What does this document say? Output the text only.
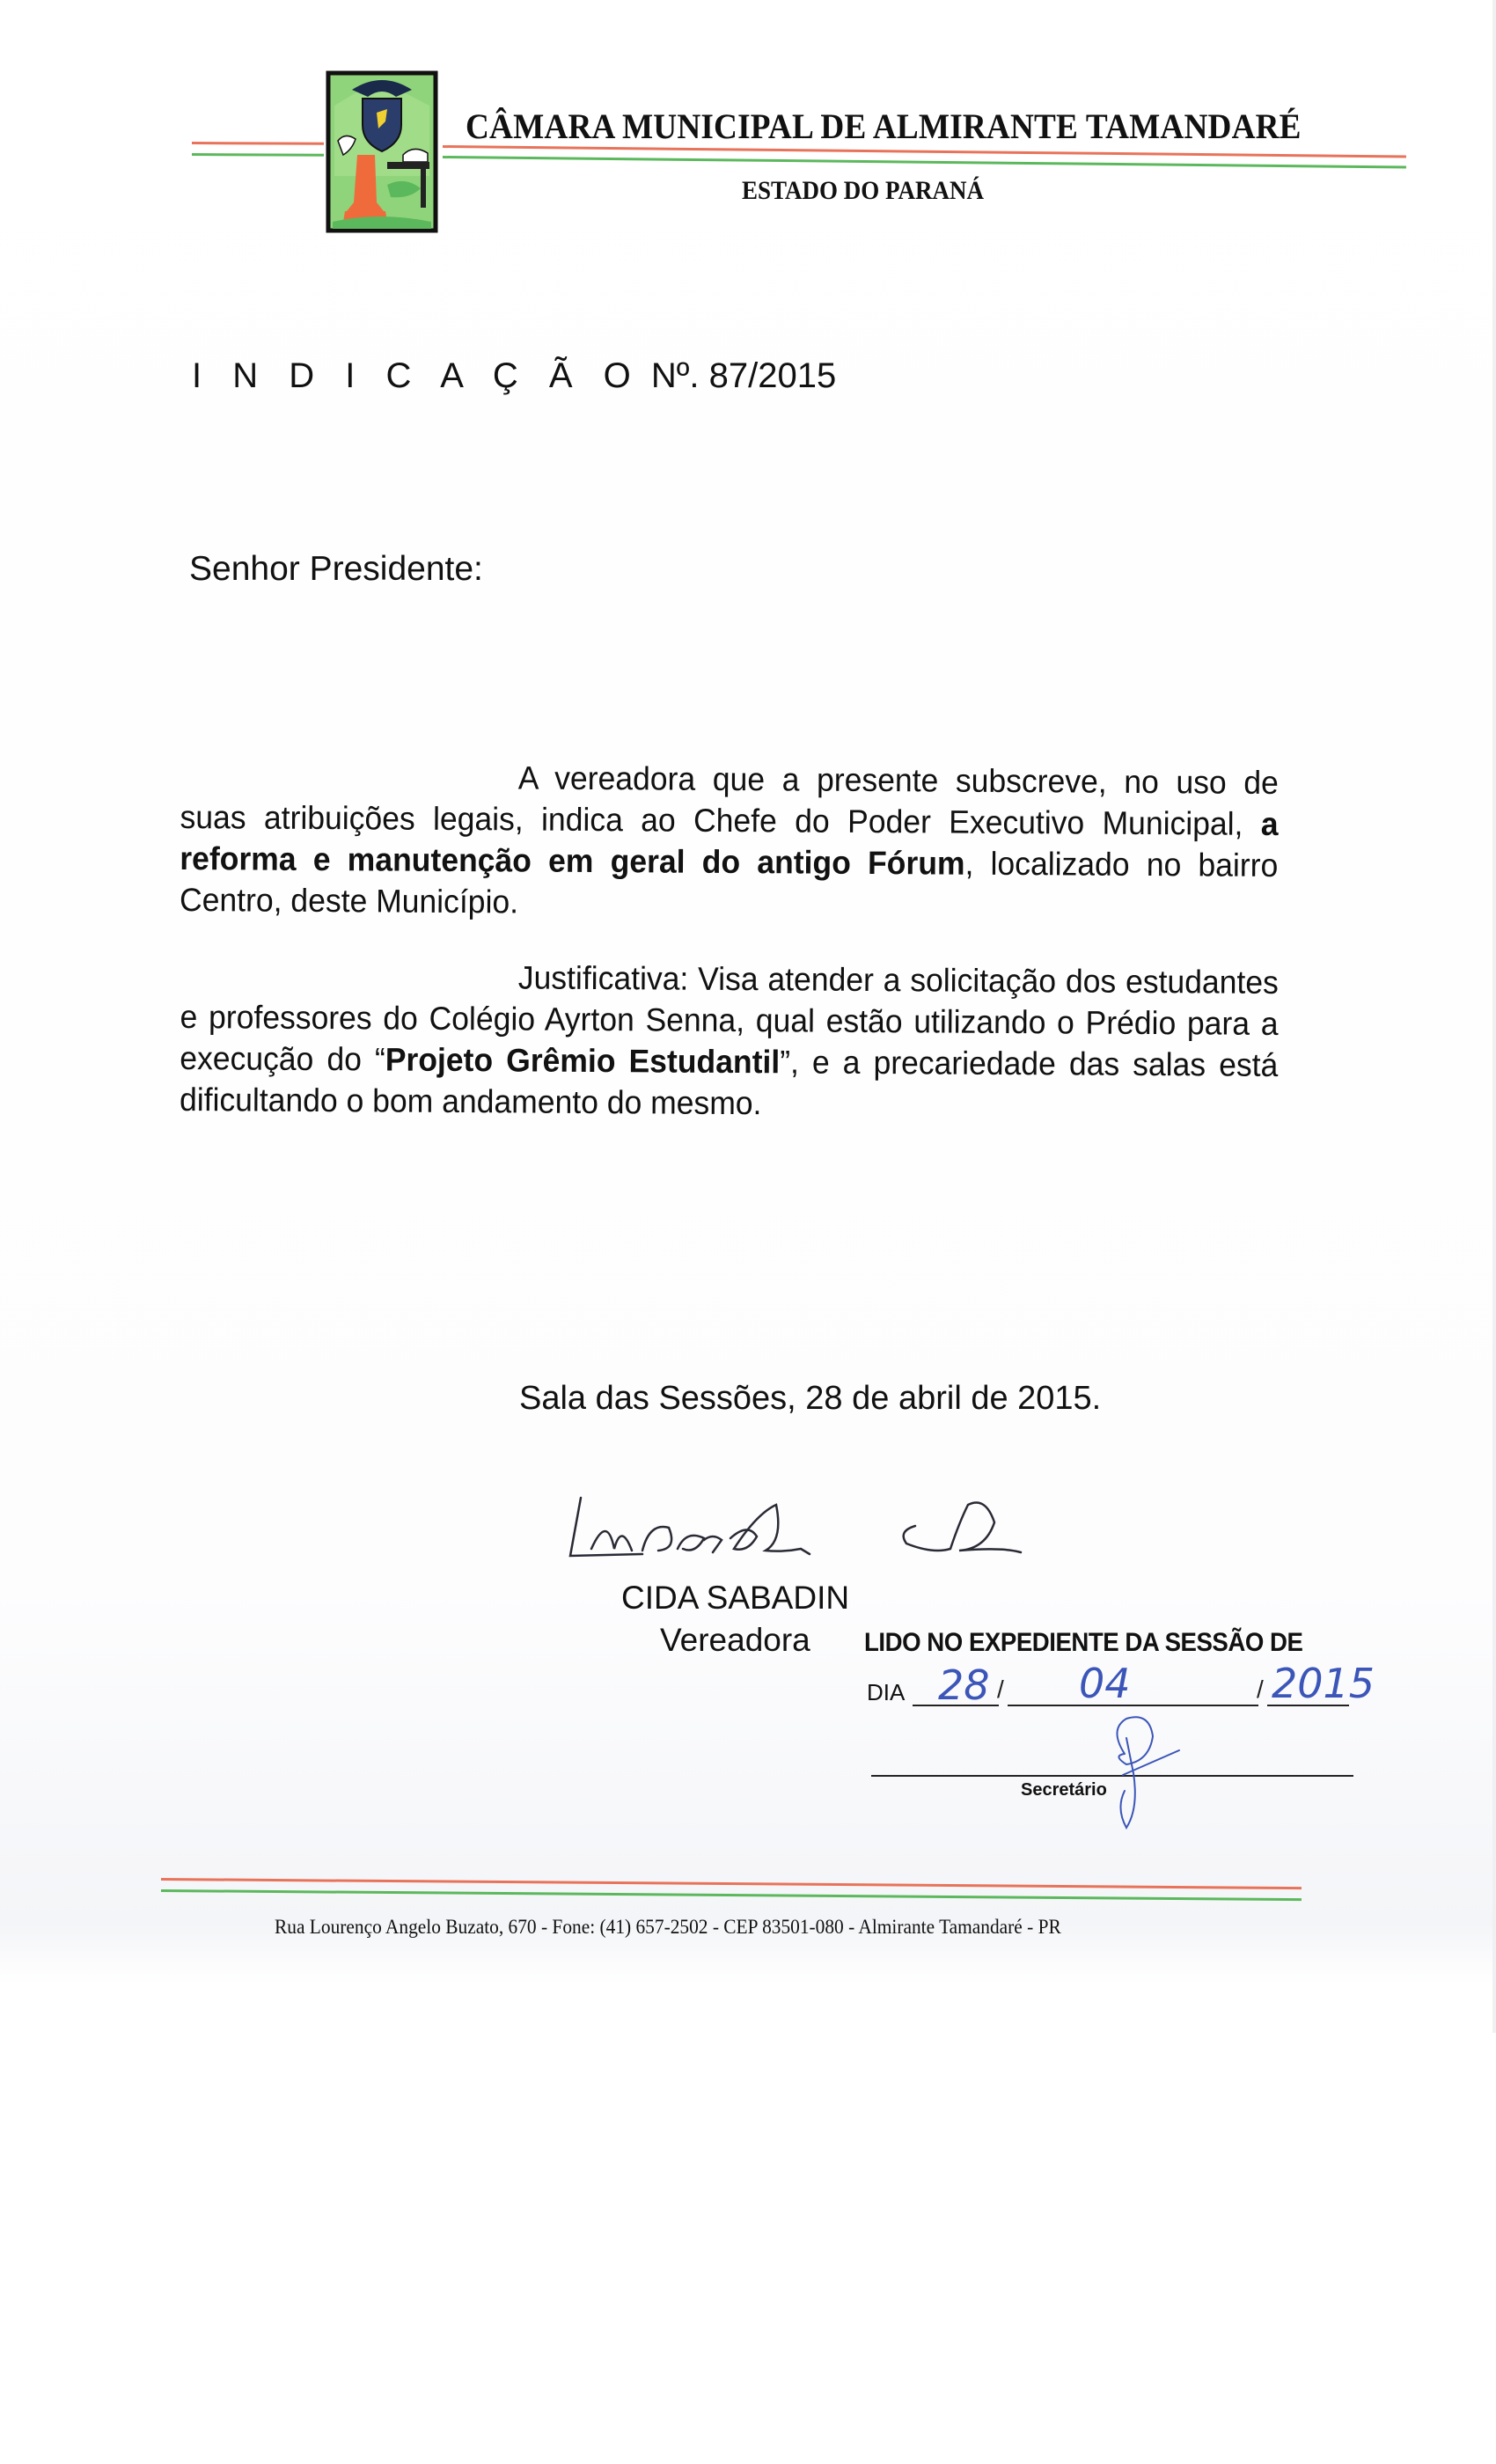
CÂMARA MUNICIPAL DE ALMIRANTE TAMANDARÉ
ESTADO DO PARANÁ
I N D I C A Ç Ã O Nº. 87/2015
Senhor Presidente:

A vereadora que a presente subscreve, no uso de suas atribuições legais, indica ao Chefe do Poder Executivo Municipal, a reforma e manutenção em geral do antigo Fórum, localizado no bairro Centro, deste Município.

Justificativa: Visa atender a solicitação dos estudantes e professores do Colégio Ayrton Senna, qual estão utilizando o Prédio para a execução do “Projeto Grêmio Estudantil”, e a precariedade das salas está dificultando o bom andamento do mesmo.

Sala das Sessões, 28 de abril de 2015.
CIDA SABADIN
Vereadora LIDO NO EXPEDIENTE DA SESSÃO DE
DIA	/	/
28 04	2015
Secretário
Rua Lourenço Angelo Buzato, 670 - Fone: (41) 657-2502 - CEP 83501-080 - Almirante Tamandaré - PR
